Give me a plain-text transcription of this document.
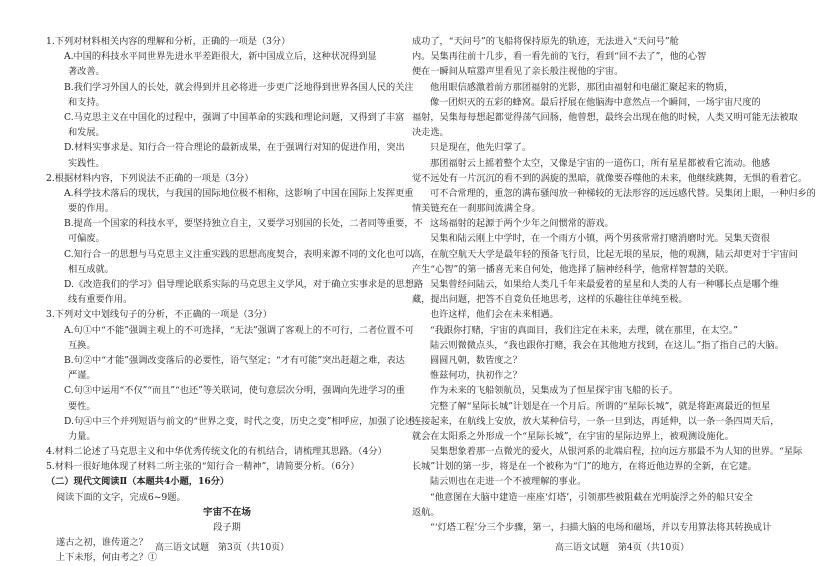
1.下列对材料相关内容的理解和分析，正确的一项是（3分）
A.中国的科技水平同世界先进水平差距很大，新中国成立后，这种状况得到显
著改善。
B.我们学习外国人的长处，就会得到并且必将进一步更广泛地得到世界各国人民的关注
和支持。
C.马克思主义在中国化的过程中，强调了中国革命的实践和理论问题，又得到了丰富
和发展。
D.材料实事求是、知行合一符合理论的最新成果，在于强调行对知的促进作用，突出
实践性。
2.根据材料内容，下列说法不正确的一项是（3分）
A.科学技术落后的现状，与我国的国际地位极不相称，这影响了中国在国际上发挥更重
要的作用。
B.提高一个国家的科技水平，要坚持独立自主，又要学习别国的长处，二者同等重要，不
可偏废。
C.知行合一的思想与马克思主义注重实践的思想高度契合，表明来源不同的文化也可以
相互成就。
D.《改造我们的学习》倡导理论联系实际的马克思主义学风，对于确立实事求是的思想路
线有重要作用。
3.下列对文中划线句子的分析，不正确的一项是（3分）
A.句①中“不能”强调主观上的不可选择，“无法”强调了客观上的不可行，二者位置不可
互换。
B.句②中“才能”强调改变落后的必要性，语气坚定；“才有可能”突出赶超之难，表达
严谨。
C.句③中运用“不仅”“而且”“也还”等关联词，使句意层次分明，强调向先进学习的重
要性。
D.句④中三个并列短语与前文的“世界之变，时代之变，历史之变”相呼应，加强了论述
力量。
4.材料二论述了马克思主义和中华优秀传统文化的有机结合，请梳理其思路。（4分）
5.材料一很好地体现了材料二所主张的“知行合一精神”，请简要分析。（6分）
（二）现代文阅读Ⅱ（本题共4小题，16分）
阅读下面的文字，完成6~9题。
宇宙不在场
段子期
遂古之初，谁传道之？
上下未形，何由考之？①
成功了，“天问号”的飞船将保持原先的轨迹，无法进入“天问号”舱
内。吴集再往前十几步，看一看先前的飞行，看到“回不去了”，他的心智
便在一瞬间从喧嚣声里看见了亲长般注视他的宇宙。
他用眼信感激着前方那团福射的光影，那团由福射和电磁汇聚起来的物质，
像一团炽灭的五彩的蜂窝。最后抒展在他脑海中意然点一个瞬间，一场宇宙尺度的
福射，吴集每每想起都觉得荡气回肠，他曾想，最终会出现在他的时候，人类又明可能无法被取
决走选。
只是现在，他先归掌了。
那团福射云上摇着整个太空，又像是宇宙的一道伤口，所有星星都被看它流动。他感
觉不远处有一片沉沉的看不到的涡旋的黑暗，就像要吞噬他的未来，他继续跳舞，无惧的看着它。
可不合常理的，重忽的满布骚闯放一种梯较的无法形容的远远感代替。吴集闭上眼，一种归乡的
情美链充在一刹那间流满全身。
这场福射的起源于两个少年之间惯常的游戏。
吴集和陆云刚上中学时，在一个雨方小镇，两个男孩常常打赌消磨时光。吴集天资很
高，在航空航天大学是最年轻的预备飞行员，比起无垠的星辰，他的观测，陆云却更对于宇宙问
产生“心智”的第一播喜无来自何处，他选择了脑神经科学，他常样智慧的关联。
吴集曾经问陆云，如果给人类几千年来最爱着的星星和人类的人有一种哪长点是哪个维
藏，提出问题，把答不自竟负任地思考，这样的乐趣往往单纯至极。
也许这样，他们会在未来相遇。
“我跟你打赌，宇宙的真面目，我们注定在未来，去理，就在那里，在太空。”
陆云则微微点头，“我也跟你打赌，我会在其他地方找到，在这儿。”指了指自己的大脑。
圆圆凡朝，数皆度之？
惟兹何功，执初作之？
作为未来的飞船领航员，吴集成为了恒星探宇宙飞船的长子。
完整了解“星际长城”计划是在一个月后。所谓的“星际长城”，就是将距离最近的恒星
连接起来，在航线上安放，放大某种信号，一条一旦到达，再延伸，以一条一条四周天后，
就会在太阳系之外形成一个“星际长城”，在宇宙的星际边界上，被观测设施化。
吴集想象着那一点微光的爱火，从银河系的北端启程，拉向远方那最不为人知的世界。“星际
长城”计划的第一步，将是在一个被称为“门”的地方，在将近他边界的全新，在它建。
陆云则也在走进一个不被理解的事业。
“他意图在大脑中建造一座座‘灯塔’，引领那些被阻截在光明旋浮之外的船只安全
返航。
“‘灯塔工程’分三个步骤，第一，扫描大脑的电场和磁场，并以专用算法将其转换成计
高三语文试题　第3页（共10页）	高三语文试题　第4页（共10页）
